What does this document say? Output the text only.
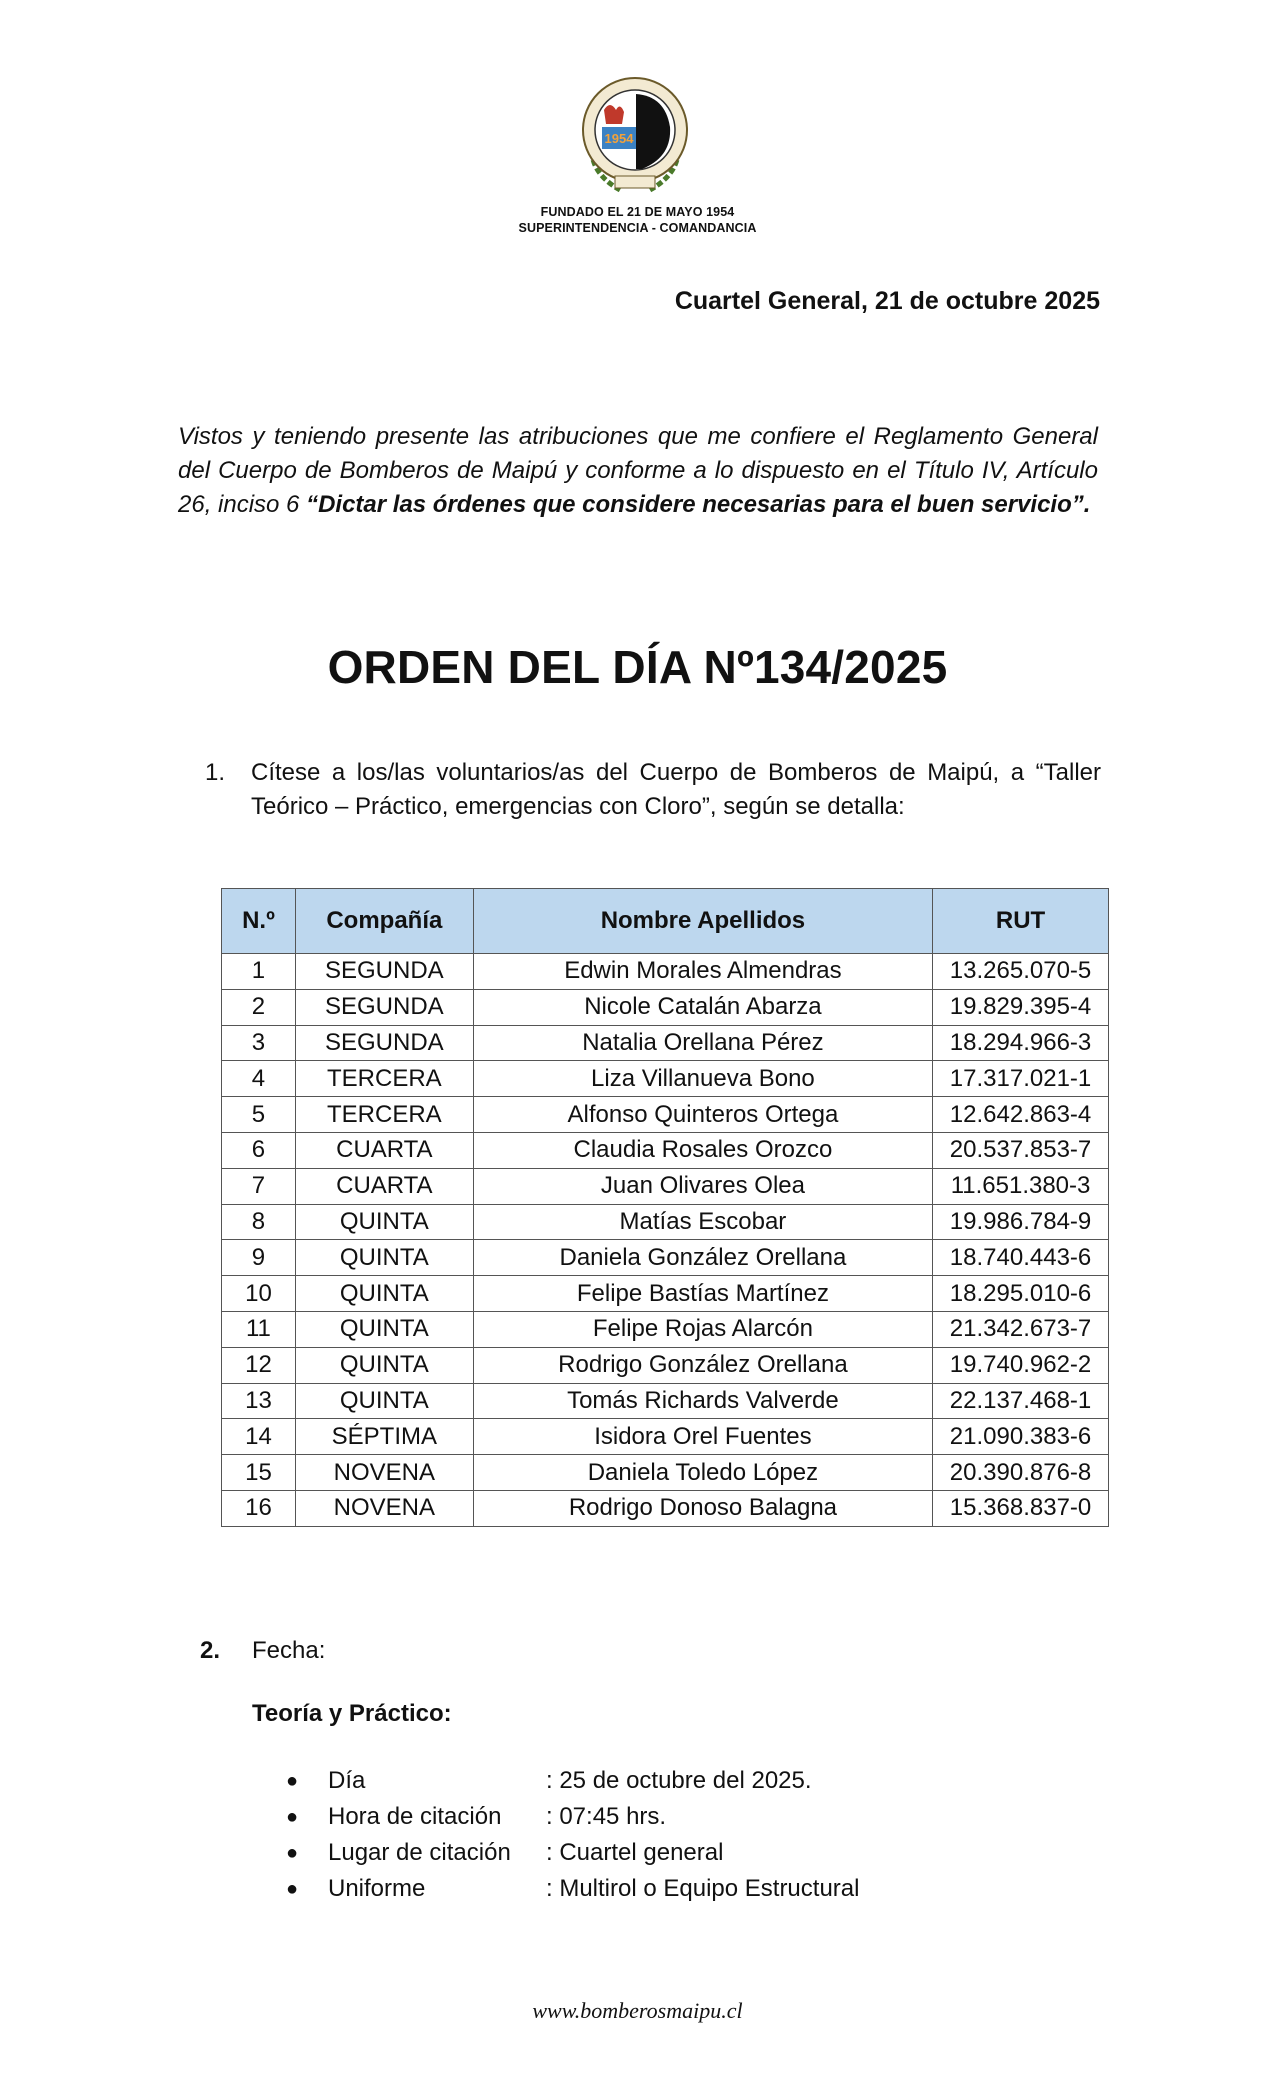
1954
FUNDADO EL 21 DE MAYO 1954
SUPERINTENDENCIA - COMANDANCIA
Cuartel General, 21 de octubre 2025

Vistos y teniendo presente las atribuciones que me confiere el Reglamento General del Cuerpo de Bomberos de Maipú y conforme a lo dispuesto en el Título IV, Artículo 26, inciso 6 “Dictar las órdenes que considere necesarias para el buen servicio”.

ORDEN DEL DÍA Nº134/2025
1. Cítese a los/las voluntarios/as del Cuerpo de Bomberos de Maipú, a “Taller Teórico – Práctico, emergencias con Cloro”, según se detalla:
N.º	Compañía	Nombre Apellidos	RUT
1	SEGUNDA	Edwin Morales Almendras	13.265.070-5
2	SEGUNDA	Nicole Catalán Abarza	19.829.395-4
3	SEGUNDA	Natalia Orellana Pérez	18.294.966-3
4	TERCERA	Liza Villanueva Bono	17.317.021-1
5	TERCERA	Alfonso Quinteros Ortega	12.642.863-4
6	CUARTA	Claudia Rosales Orozco	20.537.853-7
7	CUARTA	Juan Olivares Olea	11.651.380-3
8	QUINTA	Matías Escobar	19.986.784-9
9	QUINTA	Daniela González Orellana	18.740.443-6
10	QUINTA	Felipe Bastías Martínez	18.295.010-6
11	QUINTA	Felipe Rojas Alarcón	21.342.673-7
12	QUINTA	Rodrigo González Orellana	19.740.962-2
13	QUINTA	Tomás Richards Valverde	22.137.468-1
14	SÉPTIMA	Isidora Orel Fuentes	21.090.383-6
15	NOVENA	Daniela Toledo López	20.390.876-8
16	NOVENA	Rodrigo Donoso Balagna	15.368.837-0
2. Fecha:
Teoría y Práctico:
● Día	: 25 de octubre del 2025.
● Hora de citación : 07:45 hrs.
● Lugar de citación : Cuartel general
● Uniforme	: Multirol o Equipo Estructural
www.bomberosmaipu.cl
